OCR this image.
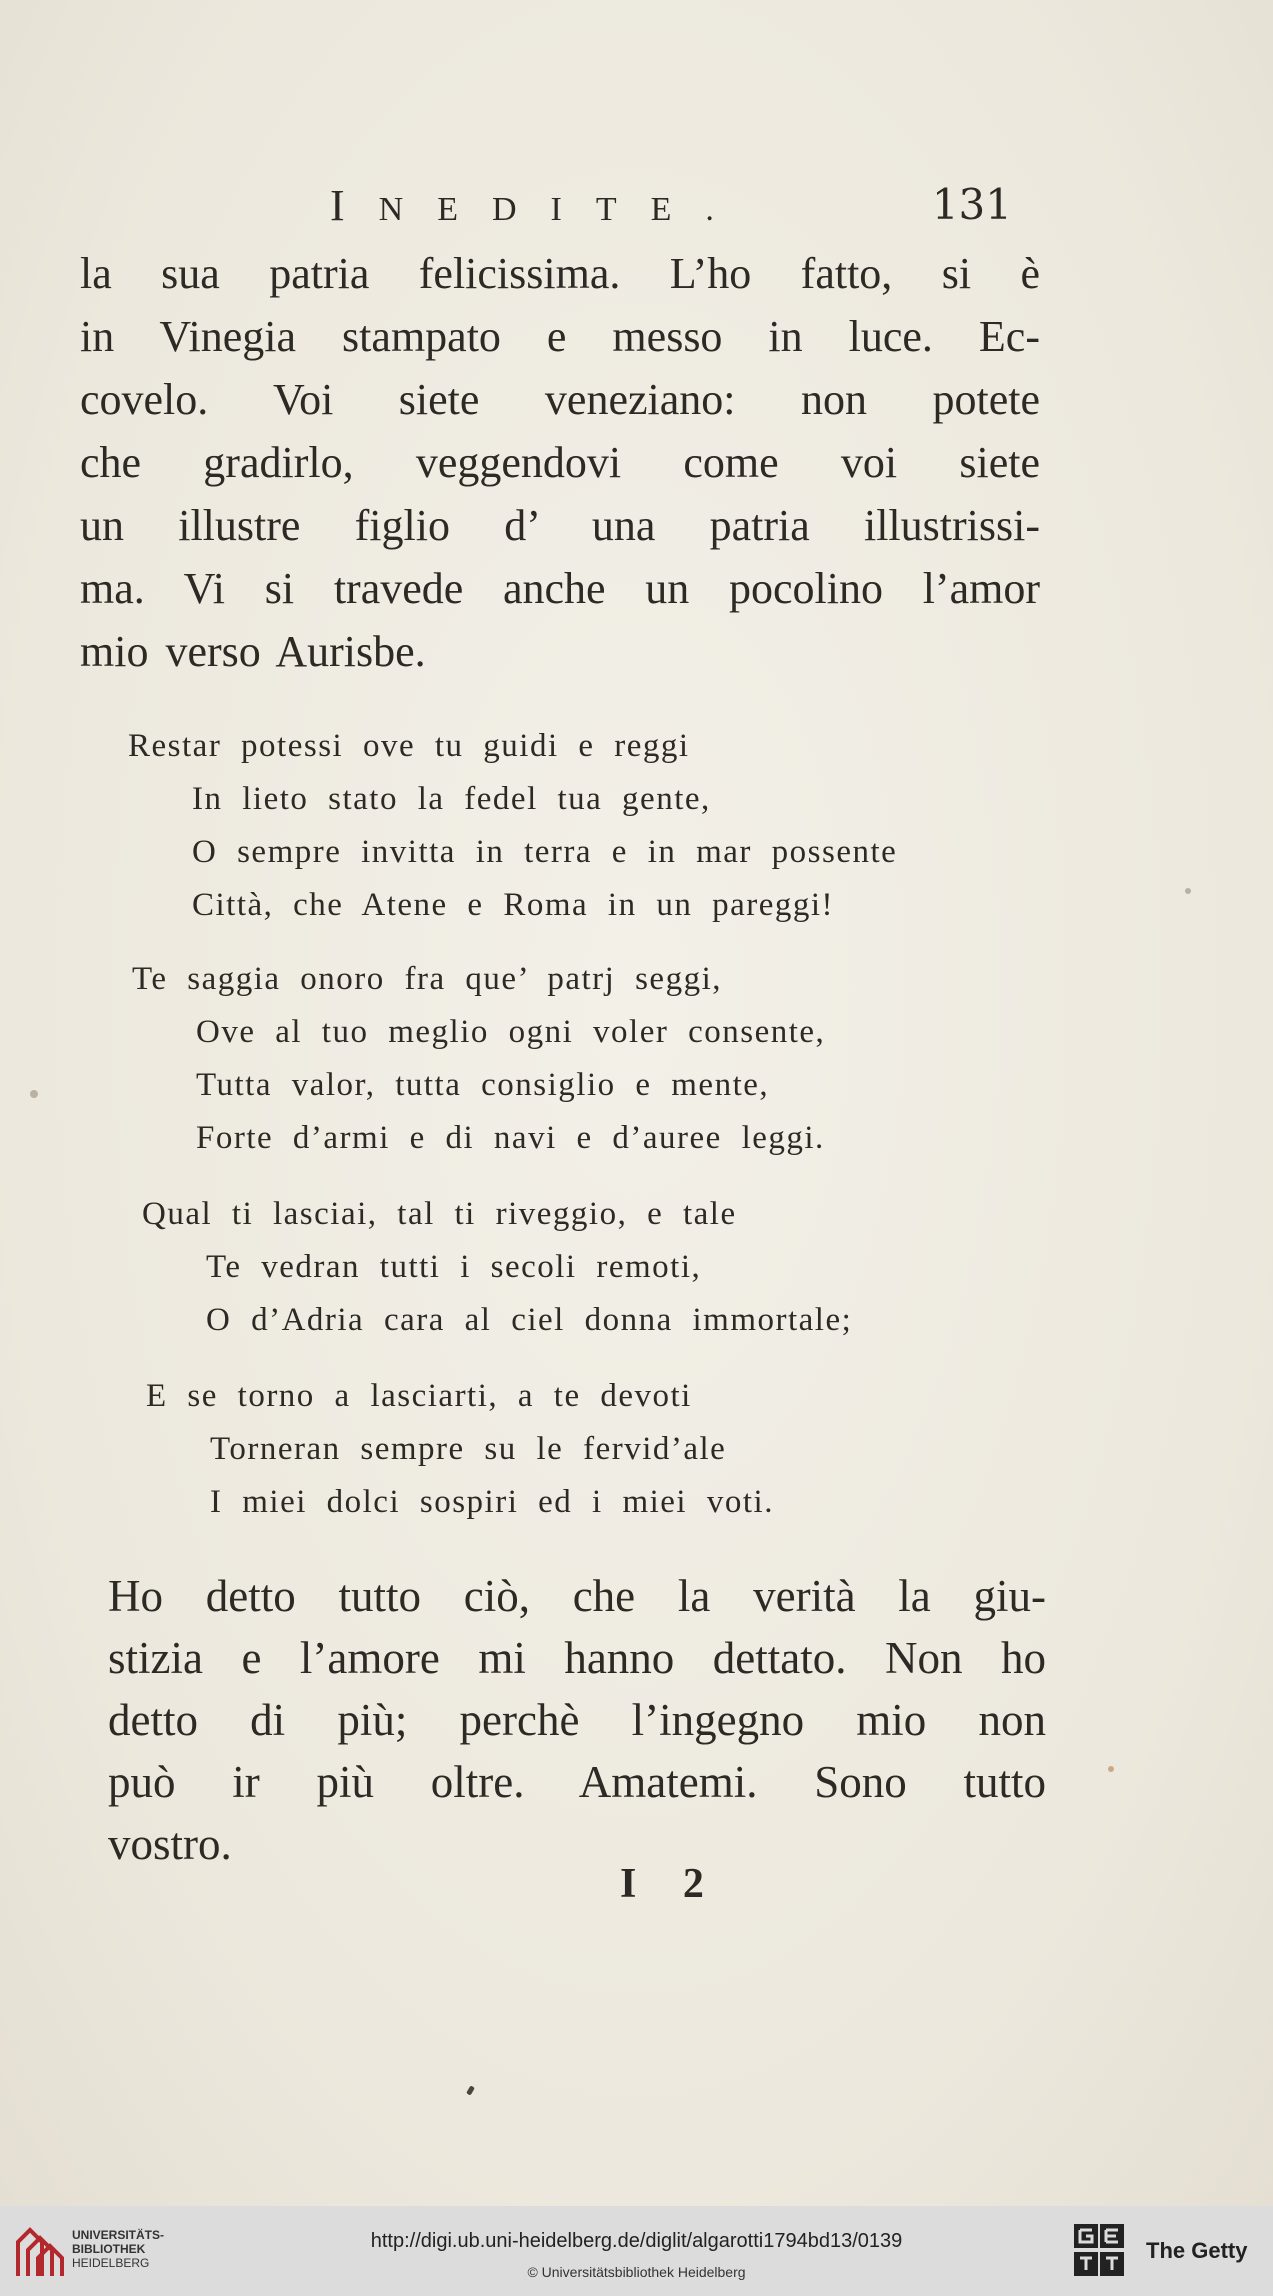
INEDITE.	131
la sua patria felicissima. L’ho fatto, si è
in Vinegia stampato e messo in luce. Ec-
covelo. Voi siete veneziano: non potete
che gradirlo, veggendovi come voi siete
un illustre figlio d’ una patria illustrissi-
ma. Vi si travede anche un pocolino l’amor
mio verso Aurisbe.
Restar potessi ove tu guidi e reggi
In lieto stato la fedel tua gente,
O sempre invitta in terra e in mar possente
Città, che Atene e Roma in un pareggi!
Te saggia onoro fra que’ patrj seggi,
Ove al tuo meglio ogni voler consente,
Tutta valor, tutta consiglio e mente,
Forte d’armi e di navi e d’auree leggi.
Qual ti lasciai, tal ti riveggio, e tale
Te vedran tutti i secoli remoti,
O d’Adria cara al ciel donna immortale;
E se torno a lasciarti, a te devoti
Torneran sempre su le fervid’ale
I miei dolci sospiri ed i miei voti.
Ho detto tutto ciò, che la verità la giu-
stizia e l’amore mi hanno dettato. Non ho
detto di più; perchè l’ingegno mio non
può ir più oltre. Amatemi. Sono tutto
vostro.
I 2
UNIVERSITÄTS-
BIBLIOTHEK
HEIDELBERG
http://digi.ub.uni-heidelberg.de/diglit/algarotti1794bd13/0139
© Universitätsbibliothek Heidelberg
The Getty
